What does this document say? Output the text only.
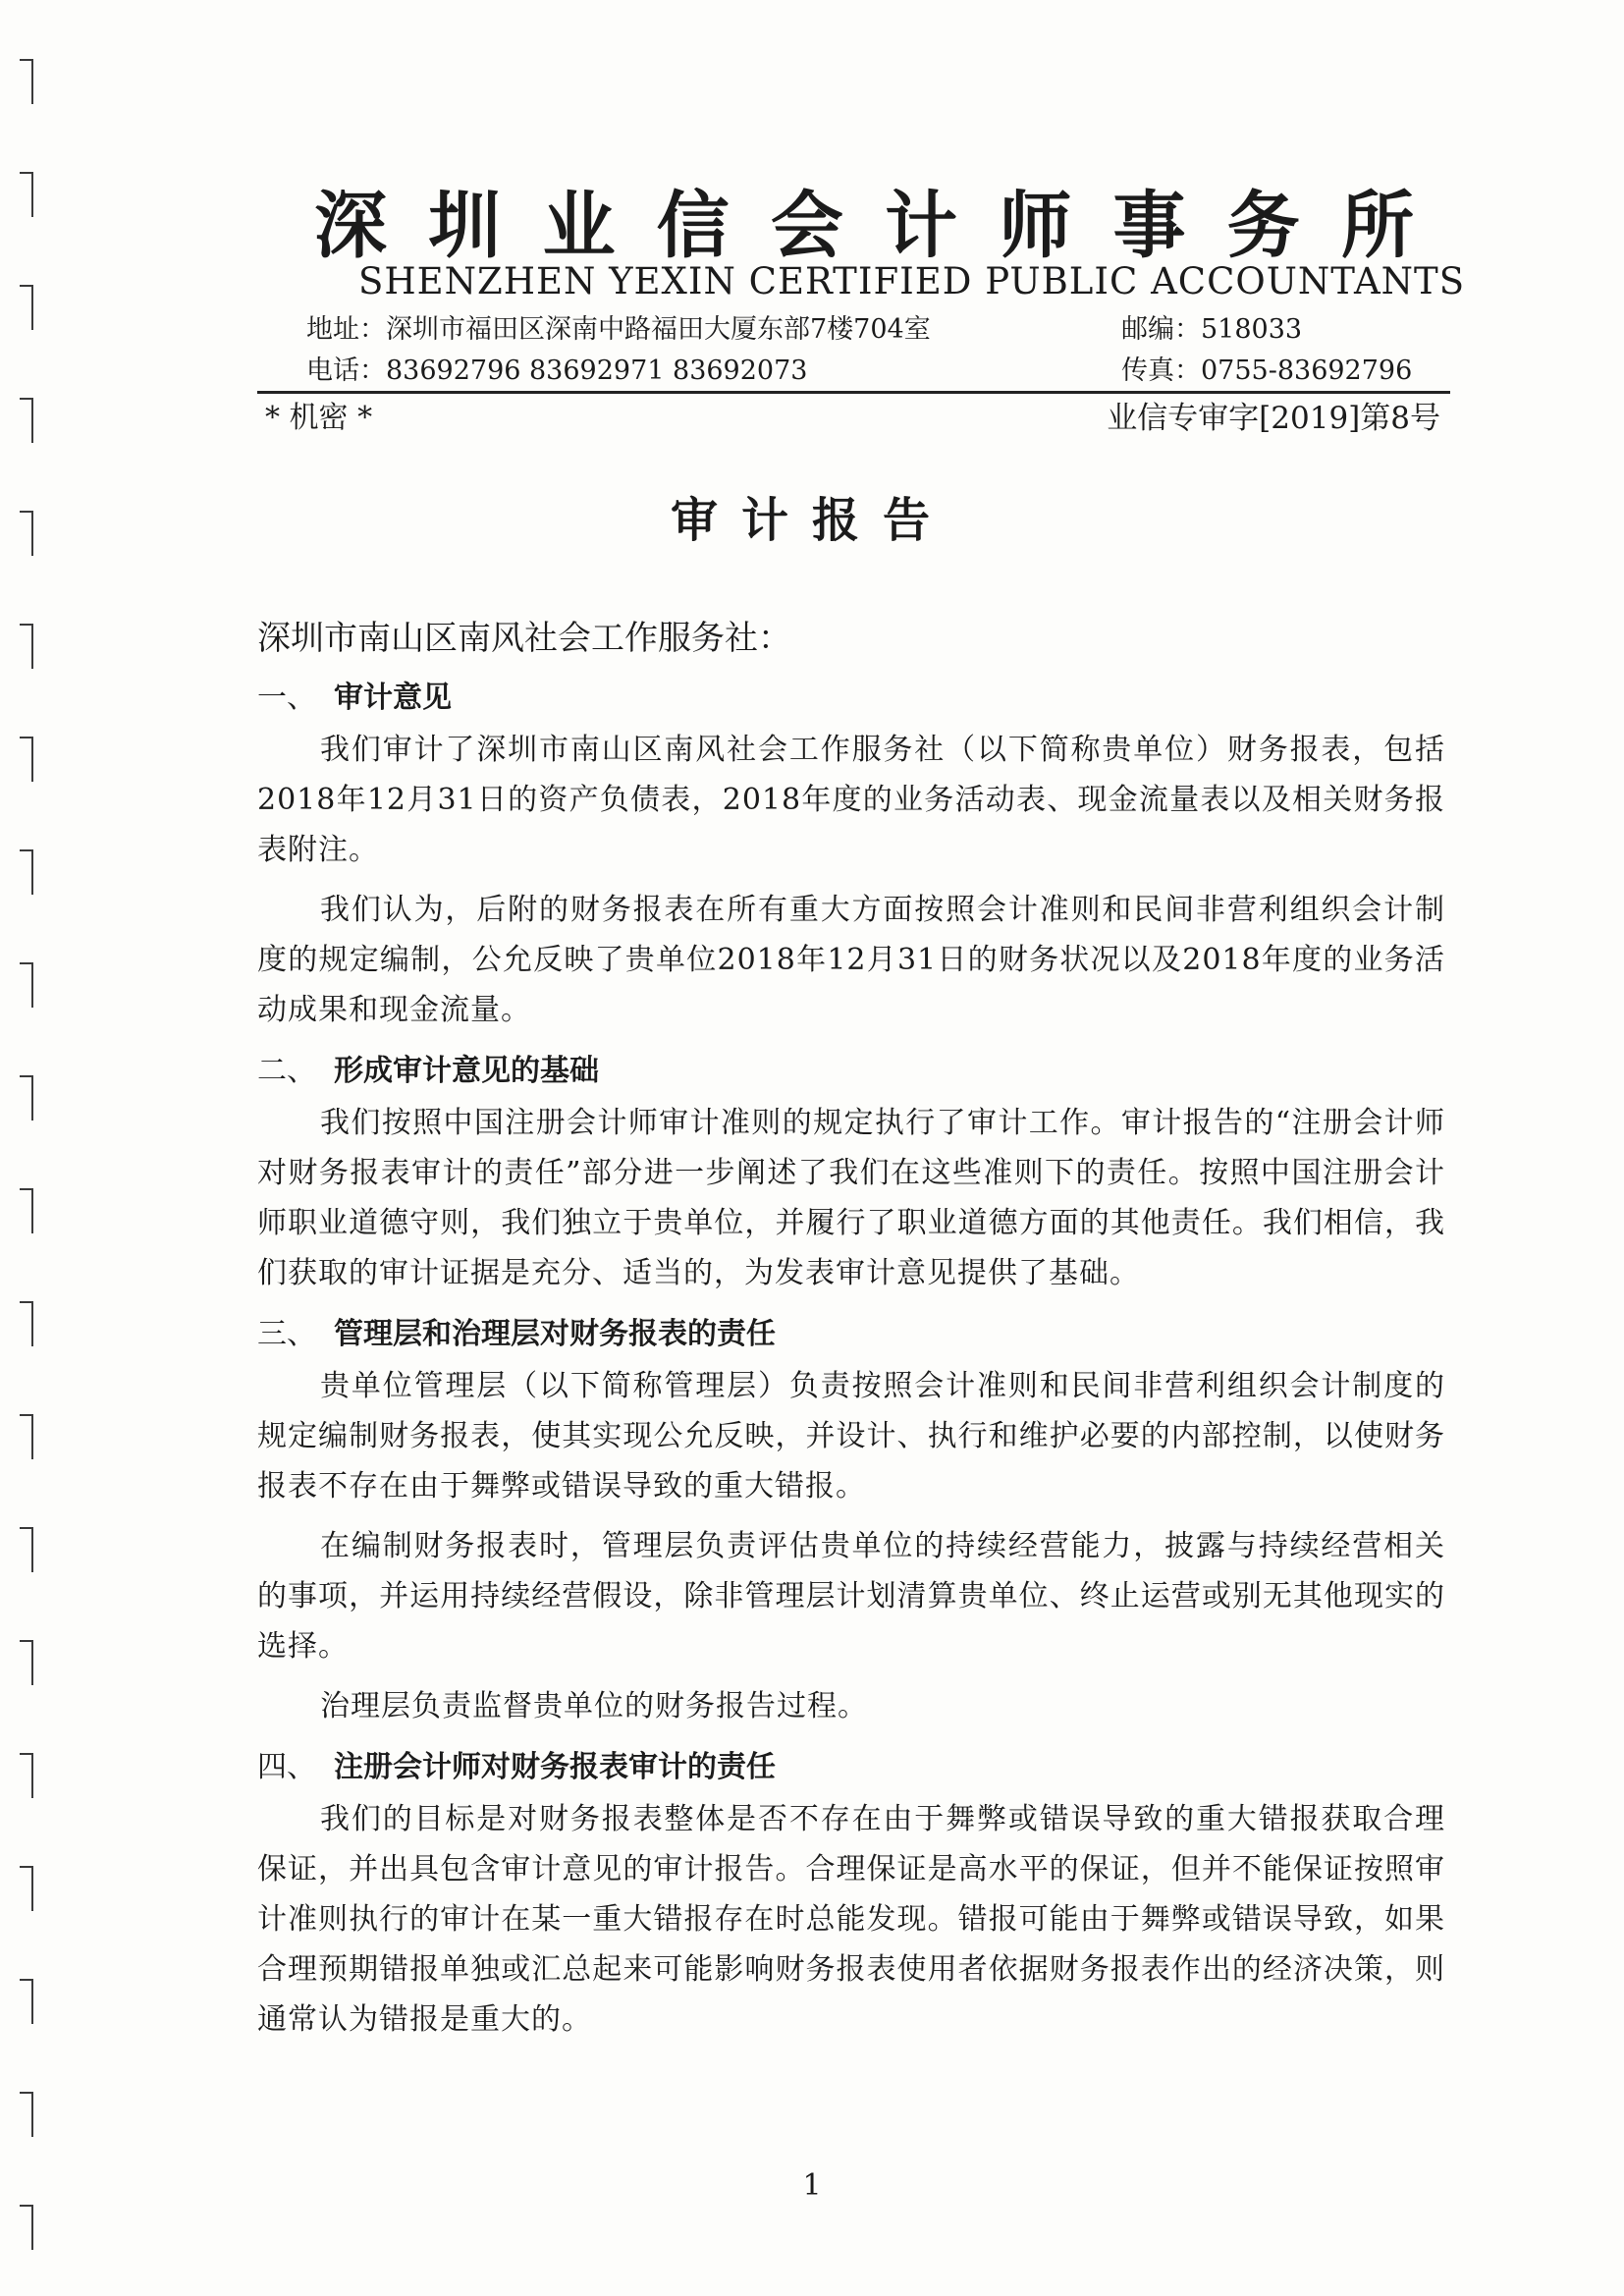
深 圳 业 信 会 计 师 事 务 所
SHENZHEN YEXIN CERTIFIED PUBLIC ACCOUNTANTS
地址：深圳市福田区深南中路福田大厦东部7楼704室	邮编：518033
电话：83692796 83692971 83692073	传真：0755-83692796
* 机密 *	业信专审字[2019]第8号
审计报告

深圳市南山区南风社会工作服务社：

一、 审计意见

我们审计了深圳市南山区南风社会工作服务社（以下简称贵单位）财务报表，包括2018年12月31日的资产负债表，2018年度的业务活动表、现金流量表以及相关财务报表附注。

我们认为，后附的财务报表在所有重大方面按照会计准则和民间非营利组织会计制度的规定编制，公允反映了贵单位2018年12月31日的财务状况以及2018年度的业务活动成果和现金流量。

二、 形成审计意见的基础

我们按照中国注册会计师审计准则的规定执行了审计工作。审计报告的“注册会计师对财务报表审计的责任”部分进一步阐述了我们在这些准则下的责任。按照中国注册会计师职业道德守则，我们独立于贵单位，并履行了职业道德方面的其他责任。我们相信，我们获取的审计证据是充分、适当的，为发表审计意见提供了基础。

三、 管理层和治理层对财务报表的责任

贵单位管理层（以下简称管理层）负责按照会计准则和民间非营利组织会计制度的规定编制财务报表，使其实现公允反映，并设计、执行和维护必要的内部控制，以使财务报表不存在由于舞弊或错误导致的重大错报。

在编制财务报表时，管理层负责评估贵单位的持续经营能力，披露与持续经营相关的事项，并运用持续经营假设，除非管理层计划清算贵单位、终止运营或别无其他现实的选择。

治理层负责监督贵单位的财务报告过程。

四、 注册会计师对财务报表审计的责任

我们的目标是对财务报表整体是否不存在由于舞弊或错误导致的重大错报获取合理保证，并出具包含审计意见的审计报告。合理保证是高水平的保证，但并不能保证按照审计准则执行的审计在某一重大错报存在时总能发现。错报可能由于舞弊或错误导致，如果合理预期错报单独或汇总起来可能影响财务报表使用者依据财务报表作出的经济决策，则通常认为错报是重大的。

1
